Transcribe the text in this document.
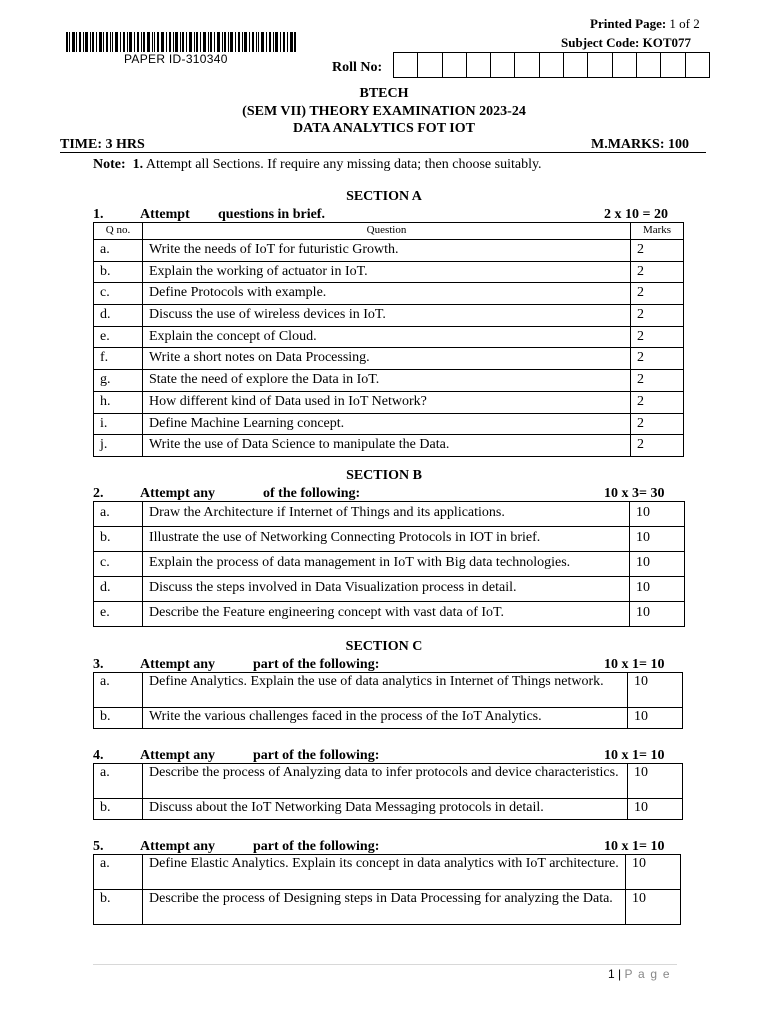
PAPER ID-310340
Printed Page: 1 of 2
Subject Code: KOT077
Roll No:
BTECH
(SEM VII) THEORY EXAMINATION 2023-24
DATA ANALYTICS FOT IOT
TIME: 3 HRS	M.MARKS: 100
Note: 1. Attempt all Sections. If require any missing data; then choose suitably.
SECTION A
1.	Attempt questions in brief.	2 x 10 = 20
Q no.	Question	Marks
a.	Write the needs of IoT for futuristic Growth.	2
b.	Explain the working of actuator in IoT.	2
c.	Define Protocols with example.	2
d.	Discuss the use of wireless devices in IoT.	2
e.	Explain the concept of Cloud.	2
f.	Write a short notes on Data Processing.	2
g.	State the need of explore the Data in IoT.	2
h.	How different kind of Data used in IoT Network?	2
i.	Define Machine Learning concept.	2
j.	Write the use of Data Science to manipulate the Data.	2
SECTION B
2.	Attempt any	of the following:	10 x 3= 30
a.	Draw the Architecture if Internet of Things and its applications.	10
b.	Illustrate the use of Networking Connecting Protocols in IOT in brief.	10
c.	Explain the process of data management in IoT with Big data technologies.	10
d.	Discuss the steps involved in Data Visualization process in detail.	10
e.	Describe the Feature engineering concept with vast data of IoT.	10
SECTION C
3.	Attempt any	part of the following:	10 x 1= 10
a.	Define Analytics. Explain the use of data analytics in Internet of Things network.	10
b.	Write the various challenges faced in the process of the IoT Analytics.	10
4.	Attempt any	part of the following:	10 x 1= 10
a.	Describe the process of Analyzing data to infer protocols and device characteristics.	10
b.	Discuss about the IoT Networking Data Messaging protocols in detail.	10
5.	Attempt any	part of the following:	10 x 1= 10
a.	Define Elastic Analytics. Explain its concept in data analytics with IoT architecture.	10
b.	Describe the process of Designing steps in Data Processing for analyzing the Data.	10
1 | P a g e
